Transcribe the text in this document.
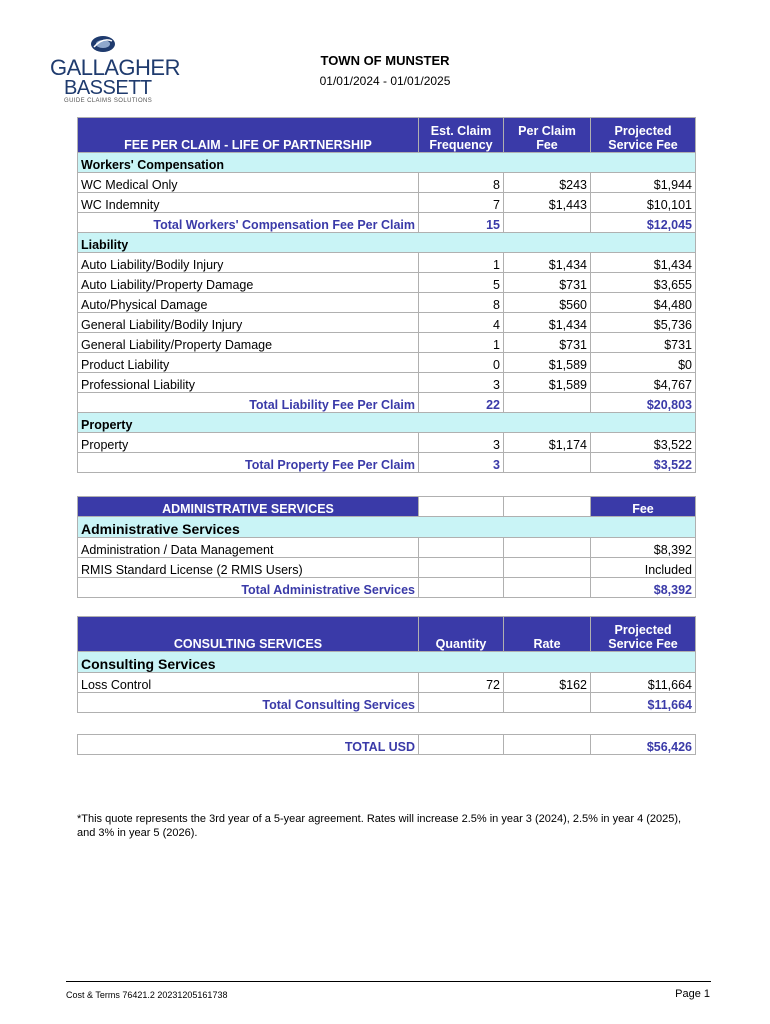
GALLAGHER
BASSETT
GUIDE CLAIMS SOLUTIONS
TOWN OF MUNSTER
01/01/2024 - 01/01/2025
FEE PER CLAIM - LIFE OF PARTNERSHIP	Est. Claim Frequency	Per Claim Fee	Projected Service Fee
Workers' Compensation			
WC Medical Only	8	$243	$1,944
WC Indemnity	7	$1,443	$10,101
Total Workers' Compensation Fee Per Claim	15		$12,045
Liability			
Auto Liability/Bodily Injury	1	$1,434	$1,434
Auto Liability/Property Damage	5	$731	$3,655
Auto/Physical Damage	8	$560	$4,480
General Liability/Bodily Injury	4	$1,434	$5,736
General Liability/Property Damage	1	$731	$731
Product Liability	0	$1,589	$0
Professional Liability	3	$1,589	$4,767
Total Liability Fee Per Claim	22		$20,803
Property			
Property	3	$1,174	$3,522
Total Property Fee Per Claim	3		$3,522
ADMINISTRATIVE SERVICES			Fee
Administrative Services			
Administration / Data Management			$8,392
RMIS Standard License (2 RMIS Users)			Included
Total Administrative Services			$8,392
CONSULTING SERVICES	Quantity	Rate	Projected Service Fee
Consulting Services			
Loss Control	72	$162	$11,664
Total Consulting Services			$11,664
TOTAL USD			$56,426
*This quote represents the 3rd year of a 5-year agreement. Rates will increase 2.5% in year 3 (2024), 2.5% in year 4 (2025), and 3% in year 5 (2026).
Cost & Terms 76421.2 20231205161738	Page 1
